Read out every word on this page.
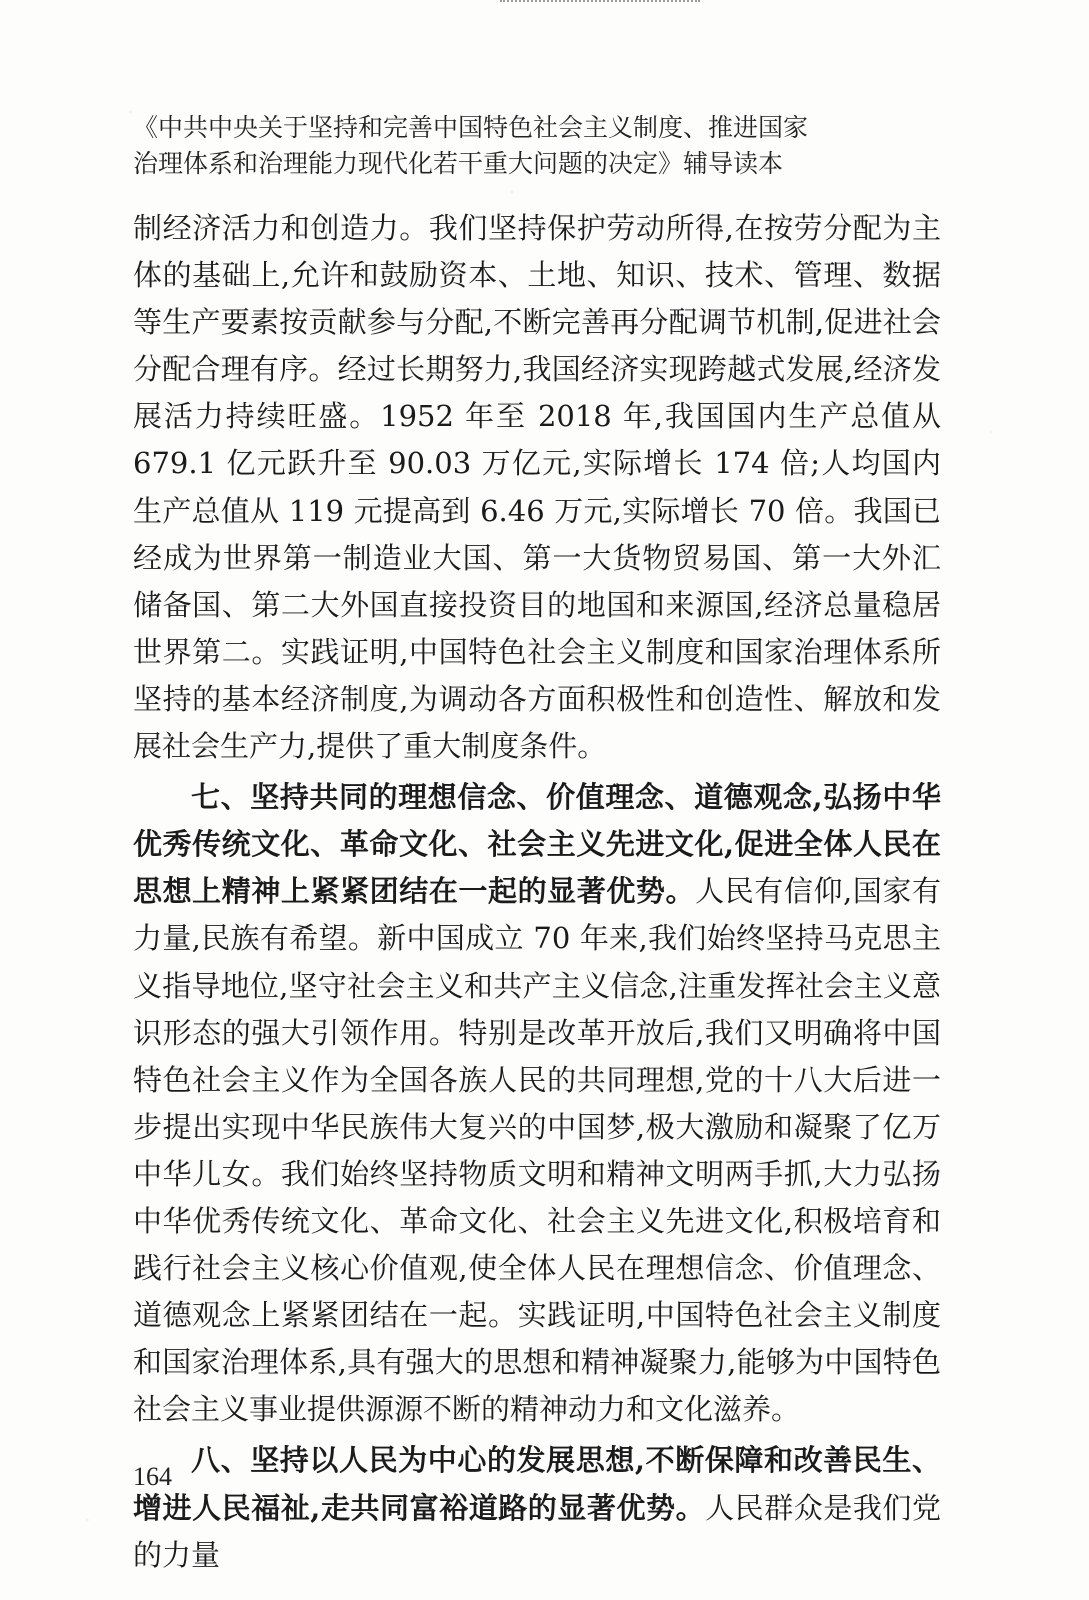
《中共中央关于坚持和完善中国特色社会主义制度、推进国家
治理体系和治理能力现代化若干重大问题的决定》辅导读本

制经济活力和创造力。我们坚持保护劳动所得,在按劳分配为主体的基础上,允许和鼓励资本、土地、知识、技术、管理、数据等生产要素按贡献参与分配,不断完善再分配调节机制,促进社会分配合理有序。经过长期努力,我国经济实现跨越式发展,经济发展活力持续旺盛。1952 年至 2018 年,我国国内生产总值从 679.1 亿元跃升至 90.03 万亿元,实际增长 174 倍;人均国内生产总值从 119 元提高到 6.46 万元,实际增长 70 倍。我国已经成为世界第一制造业大国、第一大货物贸易国、第一大外汇储备国、第二大外国直接投资目的地国和来源国,经济总量稳居世界第二。实践证明,中国特色社会主义制度和国家治理体系所坚持的基本经济制度,为调动各方面积极性和创造性、解放和发展社会生产力,提供了重大制度条件。

七、坚持共同的理想信念、价值理念、道德观念,弘扬中华优秀传统文化、革命文化、社会主义先进文化,促进全体人民在思想上精神上紧紧团结在一起的显著优势。人民有信仰,国家有力量,民族有希望。新中国成立 70 年来,我们始终坚持马克思主义指导地位,坚守社会主义和共产主义信念,注重发挥社会主义意识形态的强大引领作用。特别是改革开放后,我们又明确将中国特色社会主义作为全国各族人民的共同理想,党的十八大后进一步提出实现中华民族伟大复兴的中国梦,极大激励和凝聚了亿万中华儿女。我们始终坚持物质文明和精神文明两手抓,大力弘扬中华优秀传统文化、革命文化、社会主义先进文化,积极培育和践行社会主义核心价值观,使全体人民在理想信念、价值理念、道德观念上紧紧团结在一起。实践证明,中国特色社会主义制度和国家治理体系,具有强大的思想和精神凝聚力,能够为中国特色社会主义事业提供源源不断的精神动力和文化滋养。

八、坚持以人民为中心的发展思想,不断保障和改善民生、增进人民福祉,走共同富裕道路的显著优势。人民群众是我们党的力量

164
